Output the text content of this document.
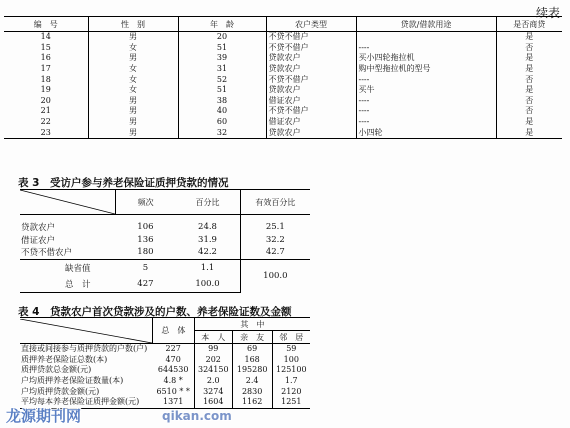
续表
编　号	性　别	年　龄	农户类型	贷款/借款用途	是否商贷
14	男	20	不贷不借户		是
15	女	51	不贷不借户	----	否
16	男	39	贷款农户	买小四轮拖拉机	是
17	女	31	贷款农户	购中型拖拉机的型号	是
18	女	52	不贷不借户	----	否
19	女	51	贷款农户	买牛	是
20	男	38	借证农户	----	否
21	男	40	不贷不借户	----	否
22	男	60	借证农户	----	是
23	男	32	贷款农户	小四轮	是
表 3　受访户参与养老保险证质押贷款的情况
	频次	百分比	有效百分比

贷款农户	106	24.8	25.1
借证农户	136	31.9	32.2
不贷不借农户	180	42.2	42.7
缺省值	5	1.1	100.0
总　计	427	100.0	
表 4　贷款农户首次贷款涉及的户数、养老保险证数及金额
	总　体	其　中		
		本　人	亲　友	邻　居
直接或间接参与质押贷款的户数(户)	227	99	69	59
质押养老保险证总数(本)	470	202	168	100
质押贷款总金额(元)	644530	324150	195280	125100
户均质押养老保险证数量(本)	4.8 *	2.0	2.4	1.7
户均质押贷款金额(元)	6510 * *	3274	2830	2120
平均每本养老保险证质押金额(元)	1371	1604	1162	1251
龙源期刊网	qikan.com
